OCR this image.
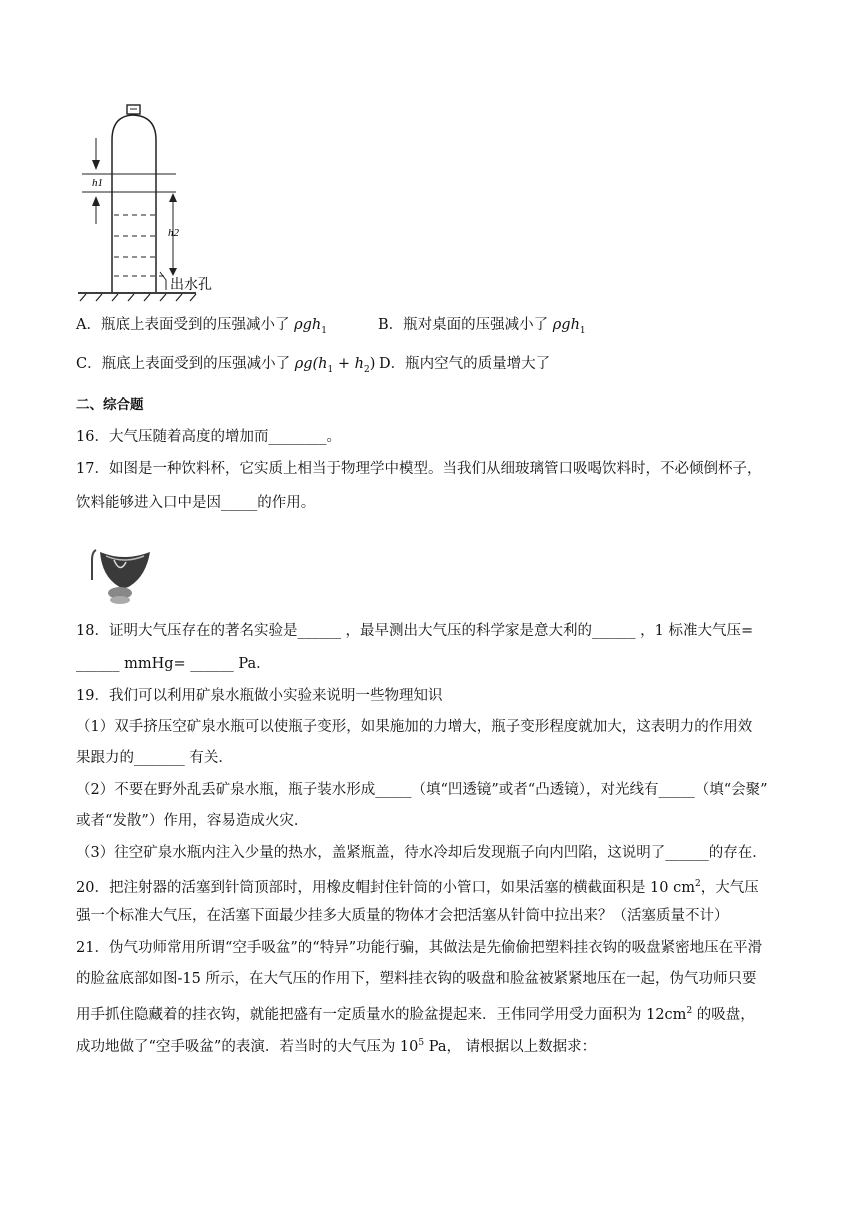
h1
h2
出水孔
A．瓶底上表面受到的压强减小了 ρgh$_1$	B．瓶对桌面的压强减小了 ρgh$_1$
C．瓶底上表面受到的压强减小了 $\rho g(h_1 + h_2)$ D．瓶内空气的质量增大了
二、综合题
16．大气压随着高度的增加而________。
17．如图是一种饮料杯，它实质上相当于物理学中模型。当我们从细玻璃管口吸喝饮料时，不必倾倒杯子，
饮料能够进入口中是因_____的作用。
18．证明大气压存在的著名实验是______ ，最早测出大气压的科学家是意大利的______ ，1 标准大气压=
______ mmHg= ______ Pa．
19．我们可以利用矿泉水瓶做小实验来说明一些物理知识
（1）双手挤压空矿泉水瓶可以使瓶子变形，如果施加的力增大，瓶子变形程度就加大，这表明力的作用效
果跟力的_______ 有关．
（2）不要在野外乱丢矿泉水瓶，瓶子装水形成_____（填“凹透镜”或者“凸透镜），对光线有_____（填“会聚”
或者“发散”）作用，容易造成火灾．
（3）往空矿泉水瓶内注入少量的热水，盖紧瓶盖，待水冷却后发现瓶子向内凹陷，这说明了______的存在．
20．把注射器的活塞到针筒顶部时，用橡皮帽封住针筒的小管口，如果活塞的横截面积是 10 $cm^2$，大气压
强一个标准大气压，在活塞下面最少挂多大质量的物体才会把活塞从针筒中拉出来？（活塞质量不计）
21．伪气功师常用所谓“空手吸盆”的“特异”功能行骗，其做法是先偷偷把塑料挂衣钩的吸盘紧密地压在平滑
的脸盆底部如图-15 所示，在大气压的作用下，塑料挂衣钩的吸盘和脸盆被紧紧地压在一起，伪气功师只要
用手抓住隐藏着的挂衣钩，就能把盛有一定质量水的脸盆提起来．王伟同学用受力面积为 $12cm^2$ 的吸盘，
成功地做了“空手吸盆”的表演．若当时的大气压为 $10^5$ Pa， 请根据以上数据求：
